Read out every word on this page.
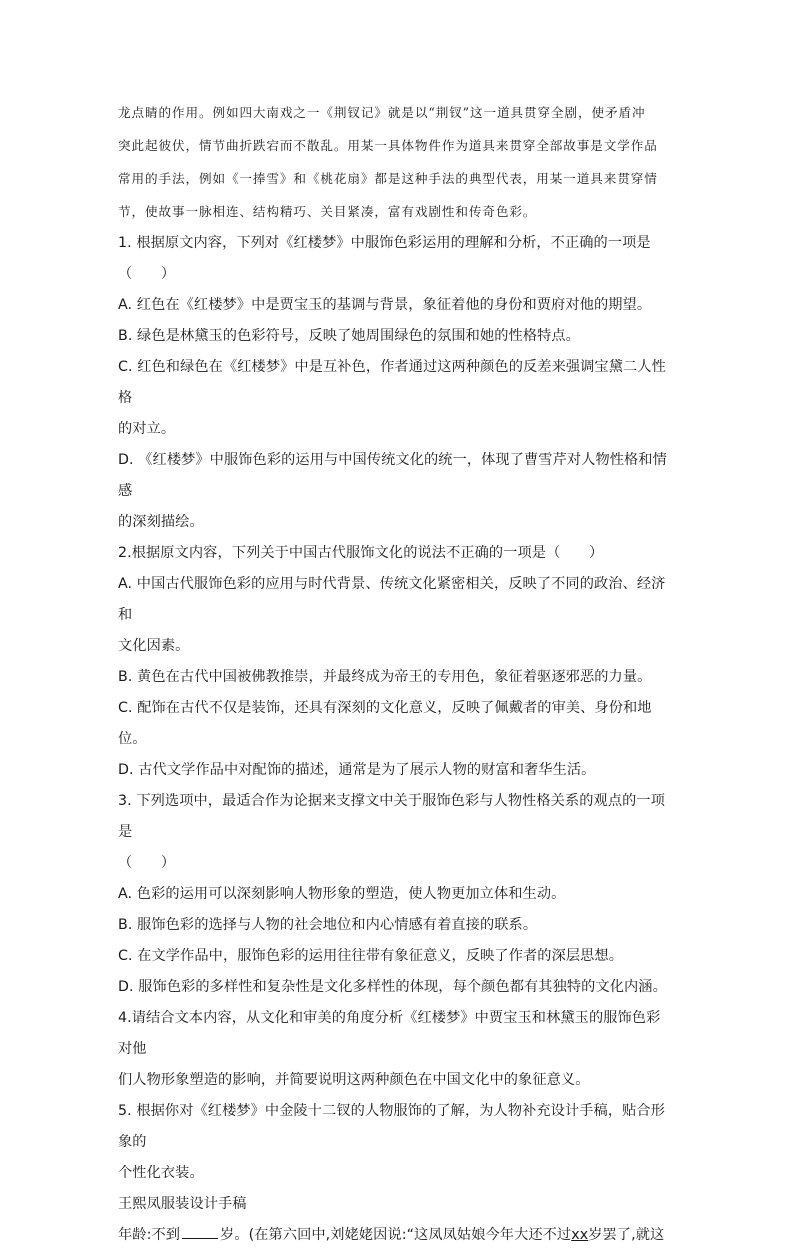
龙点睛的作用。例如四大南戏之一《荆钗记》就是以“荆钗”这一道具贯穿全剧，使矛盾冲

突此起彼伏，情节曲折跌宕而不散乱。用某一具体物件作为道具来贯穿全部故事是文学作品

常用的手法，例如《一捧雪》和《桃花扇》都是这种手法的典型代表，用某一道具来贯穿情

节，使故事一脉相连、结构精巧、关目紧凑，富有戏剧性和传奇色彩。

1. 根据原文内容，下列对《红楼梦》中服饰色彩运用的理解和分析，不正确的一项是

（　　）

A. 红色在《红楼梦》中是贾宝玉的基调与背景，象征着他的身份和贾府对他的期望。

B. 绿色是林黛玉的色彩符号，反映了她周围绿色的氛围和她的性格特点。

C. 红色和绿色在《红楼梦》中是互补色，作者通过这两种颜色的反差来强调宝黛二人性格

的对立。

D. 《红楼梦》中服饰色彩的运用与中国传统文化的统一，体现了曹雪芹对人物性格和情感

的深刻描绘。

2.根据原文内容，下列关于中国古代服饰文化的说法不正确的一项是（　　）

A. 中国古代服饰色彩的应用与时代背景、传统文化紧密相关，反映了不同的政治、经济和

文化因素。

B. 黄色在古代中国被佛教推崇，并最终成为帝王的专用色，象征着驱逐邪恶的力量。

C. 配饰在古代不仅是装饰，还具有深刻的文化意义，反映了佩戴者的审美、身份和地位。

D. 古代文学作品中对配饰的描述，通常是为了展示人物的财富和奢华生活。

3. 下列选项中，最适合作为论据来支撑文中关于服饰色彩与人物性格关系的观点的一项是

（　　）

A. 色彩的运用可以深刻影响人物形象的塑造，使人物更加立体和生动。

B. 服饰色彩的选择与人物的社会地位和内心情感有着直接的联系。

C. 在文学作品中，服饰色彩的运用往往带有象征意义，反映了作者的深层思想。

D. 服饰色彩的多样性和复杂性是文化多样性的体现，每个颜色都有其独特的文化内涵。

4.请结合文本内容，从文化和审美的角度分析《红楼梦》中贾宝玉和林黛玉的服饰色彩对他

们人物形象塑造的影响，并简要说明这两种颜色在中国文化中的象征意义。

5. 根据你对《红楼梦》中金陵十二钗的人物服饰的了解，为人物补充设计手稿，贴合形象的

个性化衣装。

王熙凤服装设计手稿

年龄:不到	岁。(在第六回中,刘姥姥因说:“这凤凤姑娘今年大还不过xx岁罢了,就这
